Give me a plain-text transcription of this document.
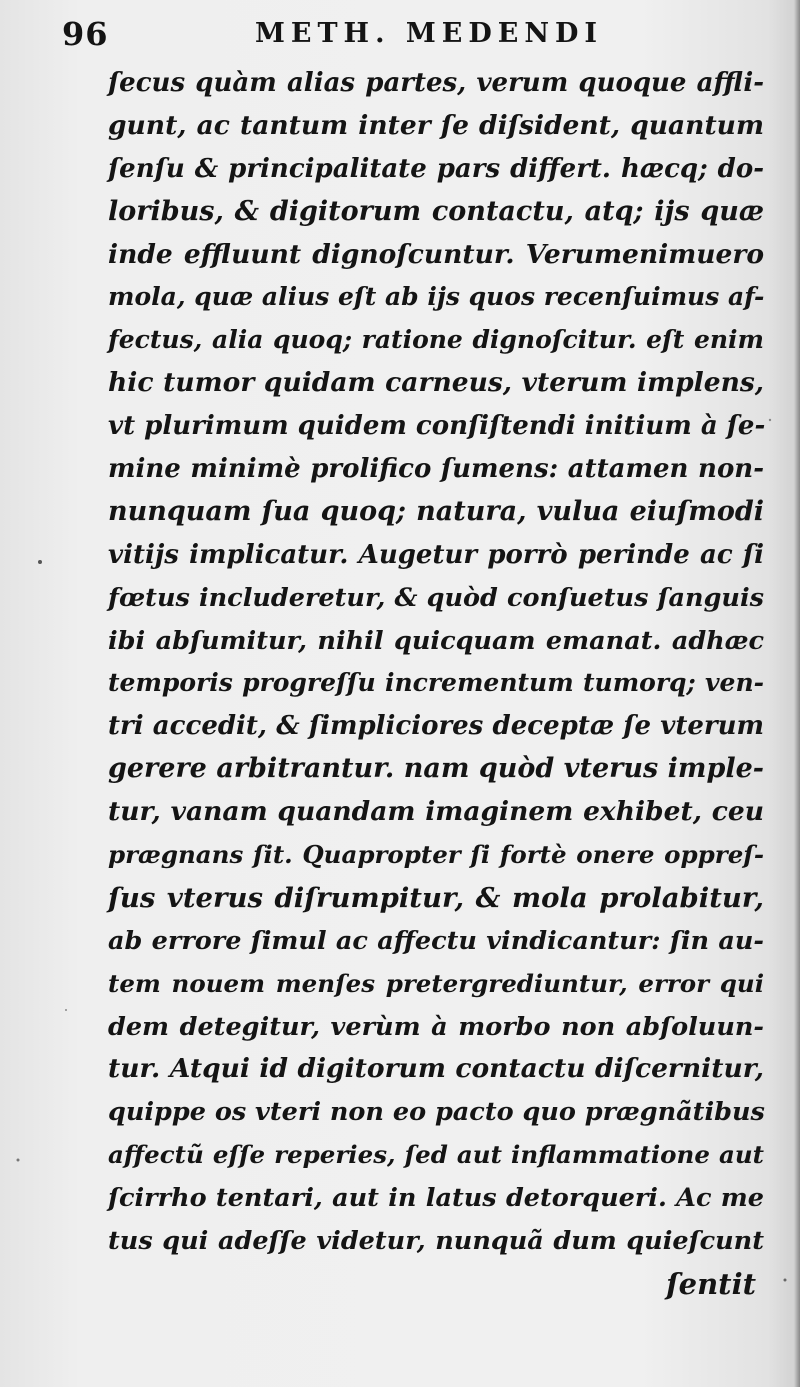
96	METH. MEDENDI
ſecus quàm alias partes, verum quoque affli-
gunt, ac tantum inter ſe diſsident, quantum
ſenſu & principalitate pars differt. hæcq; do-
loribus, & digitorum contactu, atq; ijs quæ
inde effluunt dignoſcuntur. Verumenimuero
mola, quæ alius eſt ab ijs quos recenſuimus af-
fectus, alia quoq; ratione dignoſcitur. eſt enim
hic tumor quidam carneus, vterum implens,
vt plurimum quidem conſiſtendi initium à ſe-
mine minimè prolifico ſumens: attamen non-
nunquam ſua quoq; natura, vulua eiuſmodi
vitijs implicatur. Augetur porrò perinde ac ſi
fœtus includeretur, & quòd conſuetus ſanguis
ibi abſumitur, nihil quicquam emanat. adhæc
temporis progreſſu incrementum tumorq; ven-
tri accedit, & ſimpliciores deceptæ ſe vterum
gerere arbitrantur. nam quòd vterus imple-
tur, vanam quandam imaginem exhibet, ceu
prægnans ſit. Quapropter ſi fortè onere oppreſ-
ſus vterus diſrumpitur, & mola prolabitur,
ab errore ſimul ac affectu vindicantur: ſin au-
tem nouem menſes pretergrediuntur, error qui
dem detegitur, verùm à morbo non abſoluun-
tur. Atqui id digitorum contactu diſcernitur,
quippe os vteri non eo pacto quo prægnãtibus
affectũ eſſe reperies, ſed aut inflammatione aut
ſcirrho tentari, aut in latus detorqueri. Ac me
tus qui adeſſe videtur, nunquã dum quieſcunt
ſentit
